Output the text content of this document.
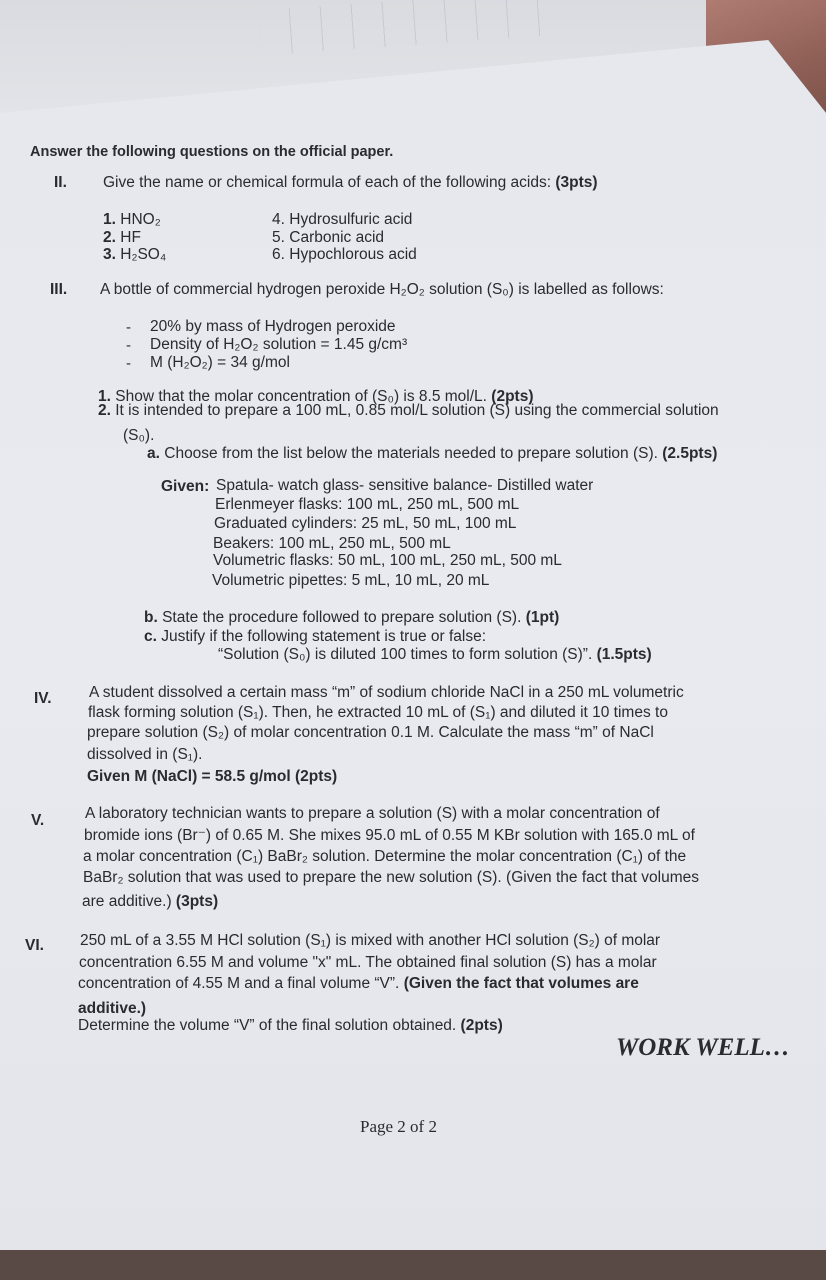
Answer the following questions on the official paper.
II. Give the name or chemical formula of each of the following acids: (3pts)
1. HNO₂
2. HF
3. H₂SO₄
4. Hydrosulfuric acid
5. Carbonic acid
6. Hypochlorous acid
III. A bottle of commercial hydrogen peroxide H₂O₂ solution (S₀) is labelled as follows:
- 20% by mass of Hydrogen peroxide
- Density of H₂O₂ solution = 1.45 g/cm³
- M (H₂O₂) = 34 g/mol
1. Show that the molar concentration of (S₀) is 8.5 mol/L. (2pts)
2. It is intended to prepare a 100 mL, 0.85 mol/L solution (S) using the commercial solution
(S₀).
a. Choose from the list below the materials needed to prepare solution (S). (2.5pts)
Given: Spatula- watch glass- sensitive balance- Distilled water
Erlenmeyer flasks: 100 mL, 250 mL, 500 mL
Graduated cylinders: 25 mL, 50 mL, 100 mL
Beakers: 100 mL, 250 mL, 500 mL
Volumetric flasks: 50 mL, 100 mL, 250 mL, 500 mL
Volumetric pipettes: 5 mL, 10 mL, 20 mL
b. State the procedure followed to prepare solution (S). (1pt)
c. Justify if the following statement is true or false:
“Solution (S₀) is diluted 100 times to form solution (S)”. (1.5pts)
IV. A student dissolved a certain mass “m” of sodium chloride NaCl in a 250 mL volumetric
flask forming solution (S₁). Then, he extracted 10 mL of (S₁) and diluted it 10 times to
prepare solution (S₂) of molar concentration 0.1 M. Calculate the mass “m” of NaCl
dissolved in (S₁).
Given M (NaCl) = 58.5 g/mol (2pts)
V.	A laboratory technician wants to prepare a solution (S) with a molar concentration of
bromide ions (Br⁻) of 0.65 M. She mixes 95.0 mL of 0.55 M KBr solution with 165.0 mL of
a molar concentration (C₁) BaBr₂ solution. Determine the molar concentration (C₁) of the
BaBr₂ solution that was used to prepare the new solution (S). (Given the fact that volumes
are additive.) (3pts)
VI. 250 mL of a 3.55 M HCl solution (S₁) is mixed with another HCl solution (S₂) of molar
concentration 6.55 M and volume "x" mL. The obtained final solution (S) has a molar
concentration of 4.55 M and a final volume “V”. (Given the fact that volumes are
additive.)
Determine the volume “V” of the final solution obtained. (2pts)
WORK WELL…
Page 2 of 2
